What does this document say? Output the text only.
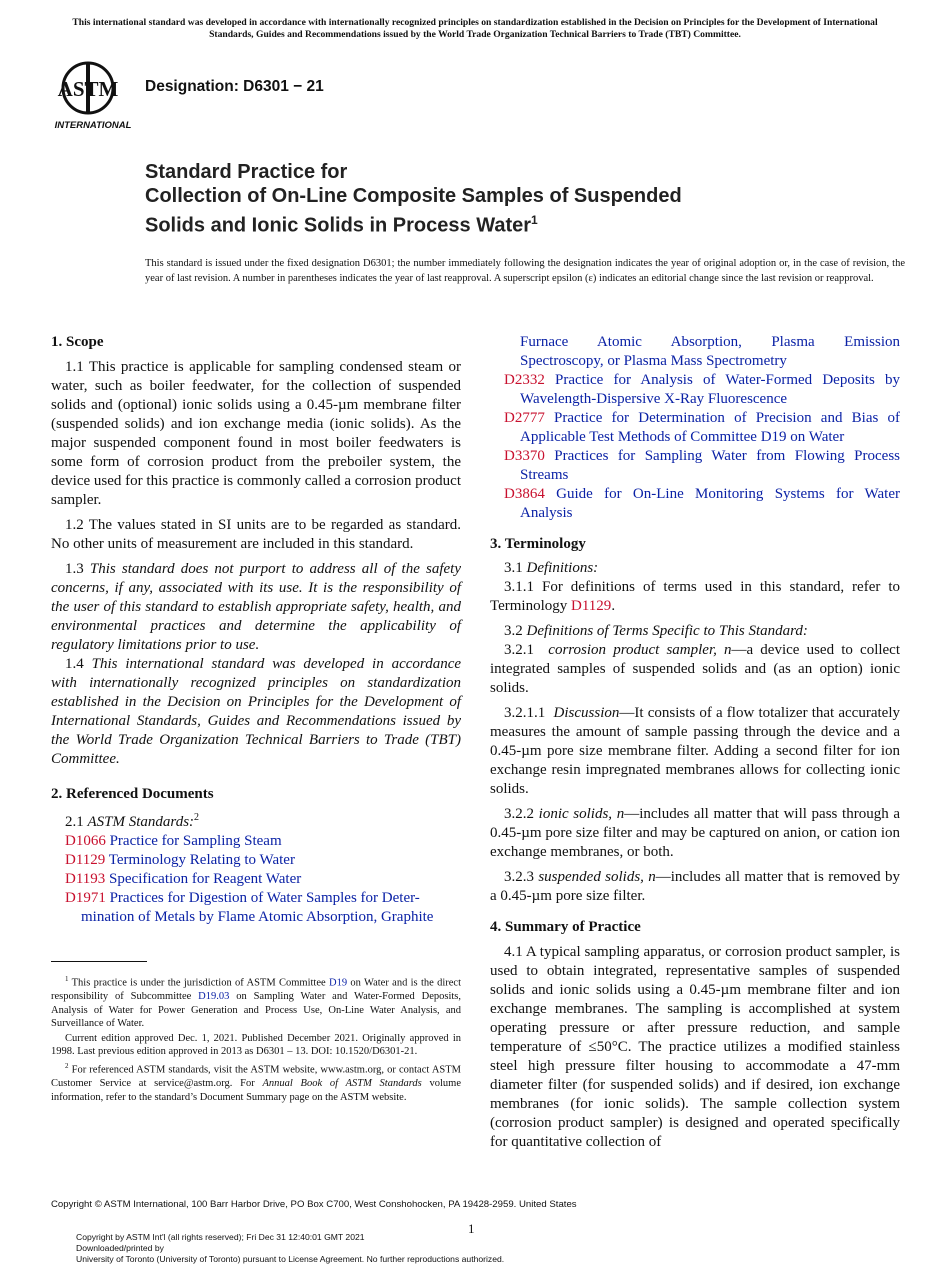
This international standard was developed in accordance with internationally recognized principles on standardization established in the Decision on Principles for the Development of International Standards, Guides and Recommendations issued by the World Trade Organization Technical Barriers to Trade (TBT) Committee.
ASTM
INTERNATIONAL
Designation: D6301 − 21
Standard Practice for
Collection of On-Line Composite Samples of Suspended
Solids and Ionic Solids in Process Water$^1$
This standard is issued under the fixed designation D6301; the number immediately following the designation indicates the year of original adoption or, in the case of revision, the year of last revision. A number in parentheses indicates the year of last reapproval. A superscript epsilon (ε) indicates an editorial change since the last revision or reapproval.

1. Scope

1.1 This practice is applicable for sampling condensed steam or water, such as boiler feedwater, for the collection of suspended solids and (optional) ionic solids using a 0.45-µm membrane filter (suspended solids) and ion exchange media (ionic solids). As the major suspended component found in most boiler feedwaters is some form of corrosion product from the preboiler system, the device used for this practice is commonly called a corrosion product sampler.

1.2 The values stated in SI units are to be regarded as standard. No other units of measurement are included in this standard.

1.3 This standard does not purport to address all of the safety concerns, if any, associated with its use. It is the responsibility of the user of this standard to establish appropriate safety, health, and environmental practices and determine the applicability of regulatory limitations prior to use.

1.4 This international standard was developed in accordance with internationally recognized principles on standardization established in the Decision on Principles for the Development of International Standards, Guides and Recommendations issued by the World Trade Organization Technical Barriers to Trade (TBT) Committee.

2. Referenced Documents

2.1 ASTM Standards:$^2$

D1066 Practice for Sampling Steam

D1129 Terminology Relating to Water

D1193 Specification for Reagent Water

D1971 Practices for Digestion of Water Samples for Deter-

mination of Metals by Flame Atomic Absorption, Graphite

$^1$ This practice is under the jurisdiction of ASTM Committee D19 on Water and is the direct responsibility of Subcommittee D19.03 on Sampling Water and Water-Formed Deposits, Analysis of Water for Power Generation and Process Use, On-Line Water Analysis, and Surveillance of Water.

Current edition approved Dec. 1, 2021. Published December 2021. Originally approved in 1998. Last previous edition approved in 2013 as D6301 – 13. DOI: 10.1520/D6301-21.

$^2$ For referenced ASTM standards, visit the ASTM website, www.astm.org, or contact ASTM Customer Service at service@astm.org. For Annual Book of ASTM Standards volume information, refer to the standard’s Document Summary page on the ASTM website.

Furnace Atomic Absorption, Plasma Emission

Spectroscopy, or Plasma Mass Spectrometry

D2332 Practice for Analysis of Water-Formed Deposits by Wavelength-Dispersive X-Ray Fluorescence

D2777 Practice for Determination of Precision and Bias of Applicable Test Methods of Committee D19 on Water

D3370 Practices for Sampling Water from Flowing Process Streams

D3864 Guide for On-Line Monitoring Systems for Water Analysis

3. Terminology

3.1 Definitions:

3.1.1 For definitions of terms used in this standard, refer to Terminology D1129.

3.2 Definitions of Terms Specific to This Standard:

3.2.1 corrosion product sampler, n—a device used to collect integrated samples of suspended solids and (as an option) ionic solids.

3.2.1.1 Discussion—It consists of a flow totalizer that accurately measures the amount of sample passing through the device and a 0.45-µm pore size membrane filter. Adding a second filter for ion exchange resin impregnated membranes allows for collecting ionic solids.

3.2.2 ionic solids, n—includes all matter that will pass through a 0.45-µm pore size filter and may be captured on anion, or cation ion exchange membranes, or both.

3.2.3 suspended solids, n—includes all matter that is removed by a 0.45-µm pore size filter.

4. Summary of Practice

4.1 A typical sampling apparatus, or corrosion product sampler, is used to obtain integrated, representative samples of suspended solids and ionic solids using a 0.45-µm membrane filter and ion exchange membranes. The sampling is accomplished at system operating pressure or after pressure reduction, and sample temperature of ≤50°C. The practice utilizes a modified stainless steel high pressure filter housing to accommodate a 47-mm diameter filter (for suspended solids) and if desired, ion exchange membranes (for ionic solids). The sample collection system (corrosion product sampler) is designed and operated specifically for quantitative collection of

Copyright © ASTM International, 100 Barr Harbor Drive, PO Box C700, West Conshohocken, PA 19428-2959. United States
1
Copyright by ASTM Int'l (all rights reserved); Fri Dec 31 12:40:01 GMT 2021
Downloaded/printed by
University of Toronto (University of Toronto) pursuant to License Agreement. No further reproductions authorized.
